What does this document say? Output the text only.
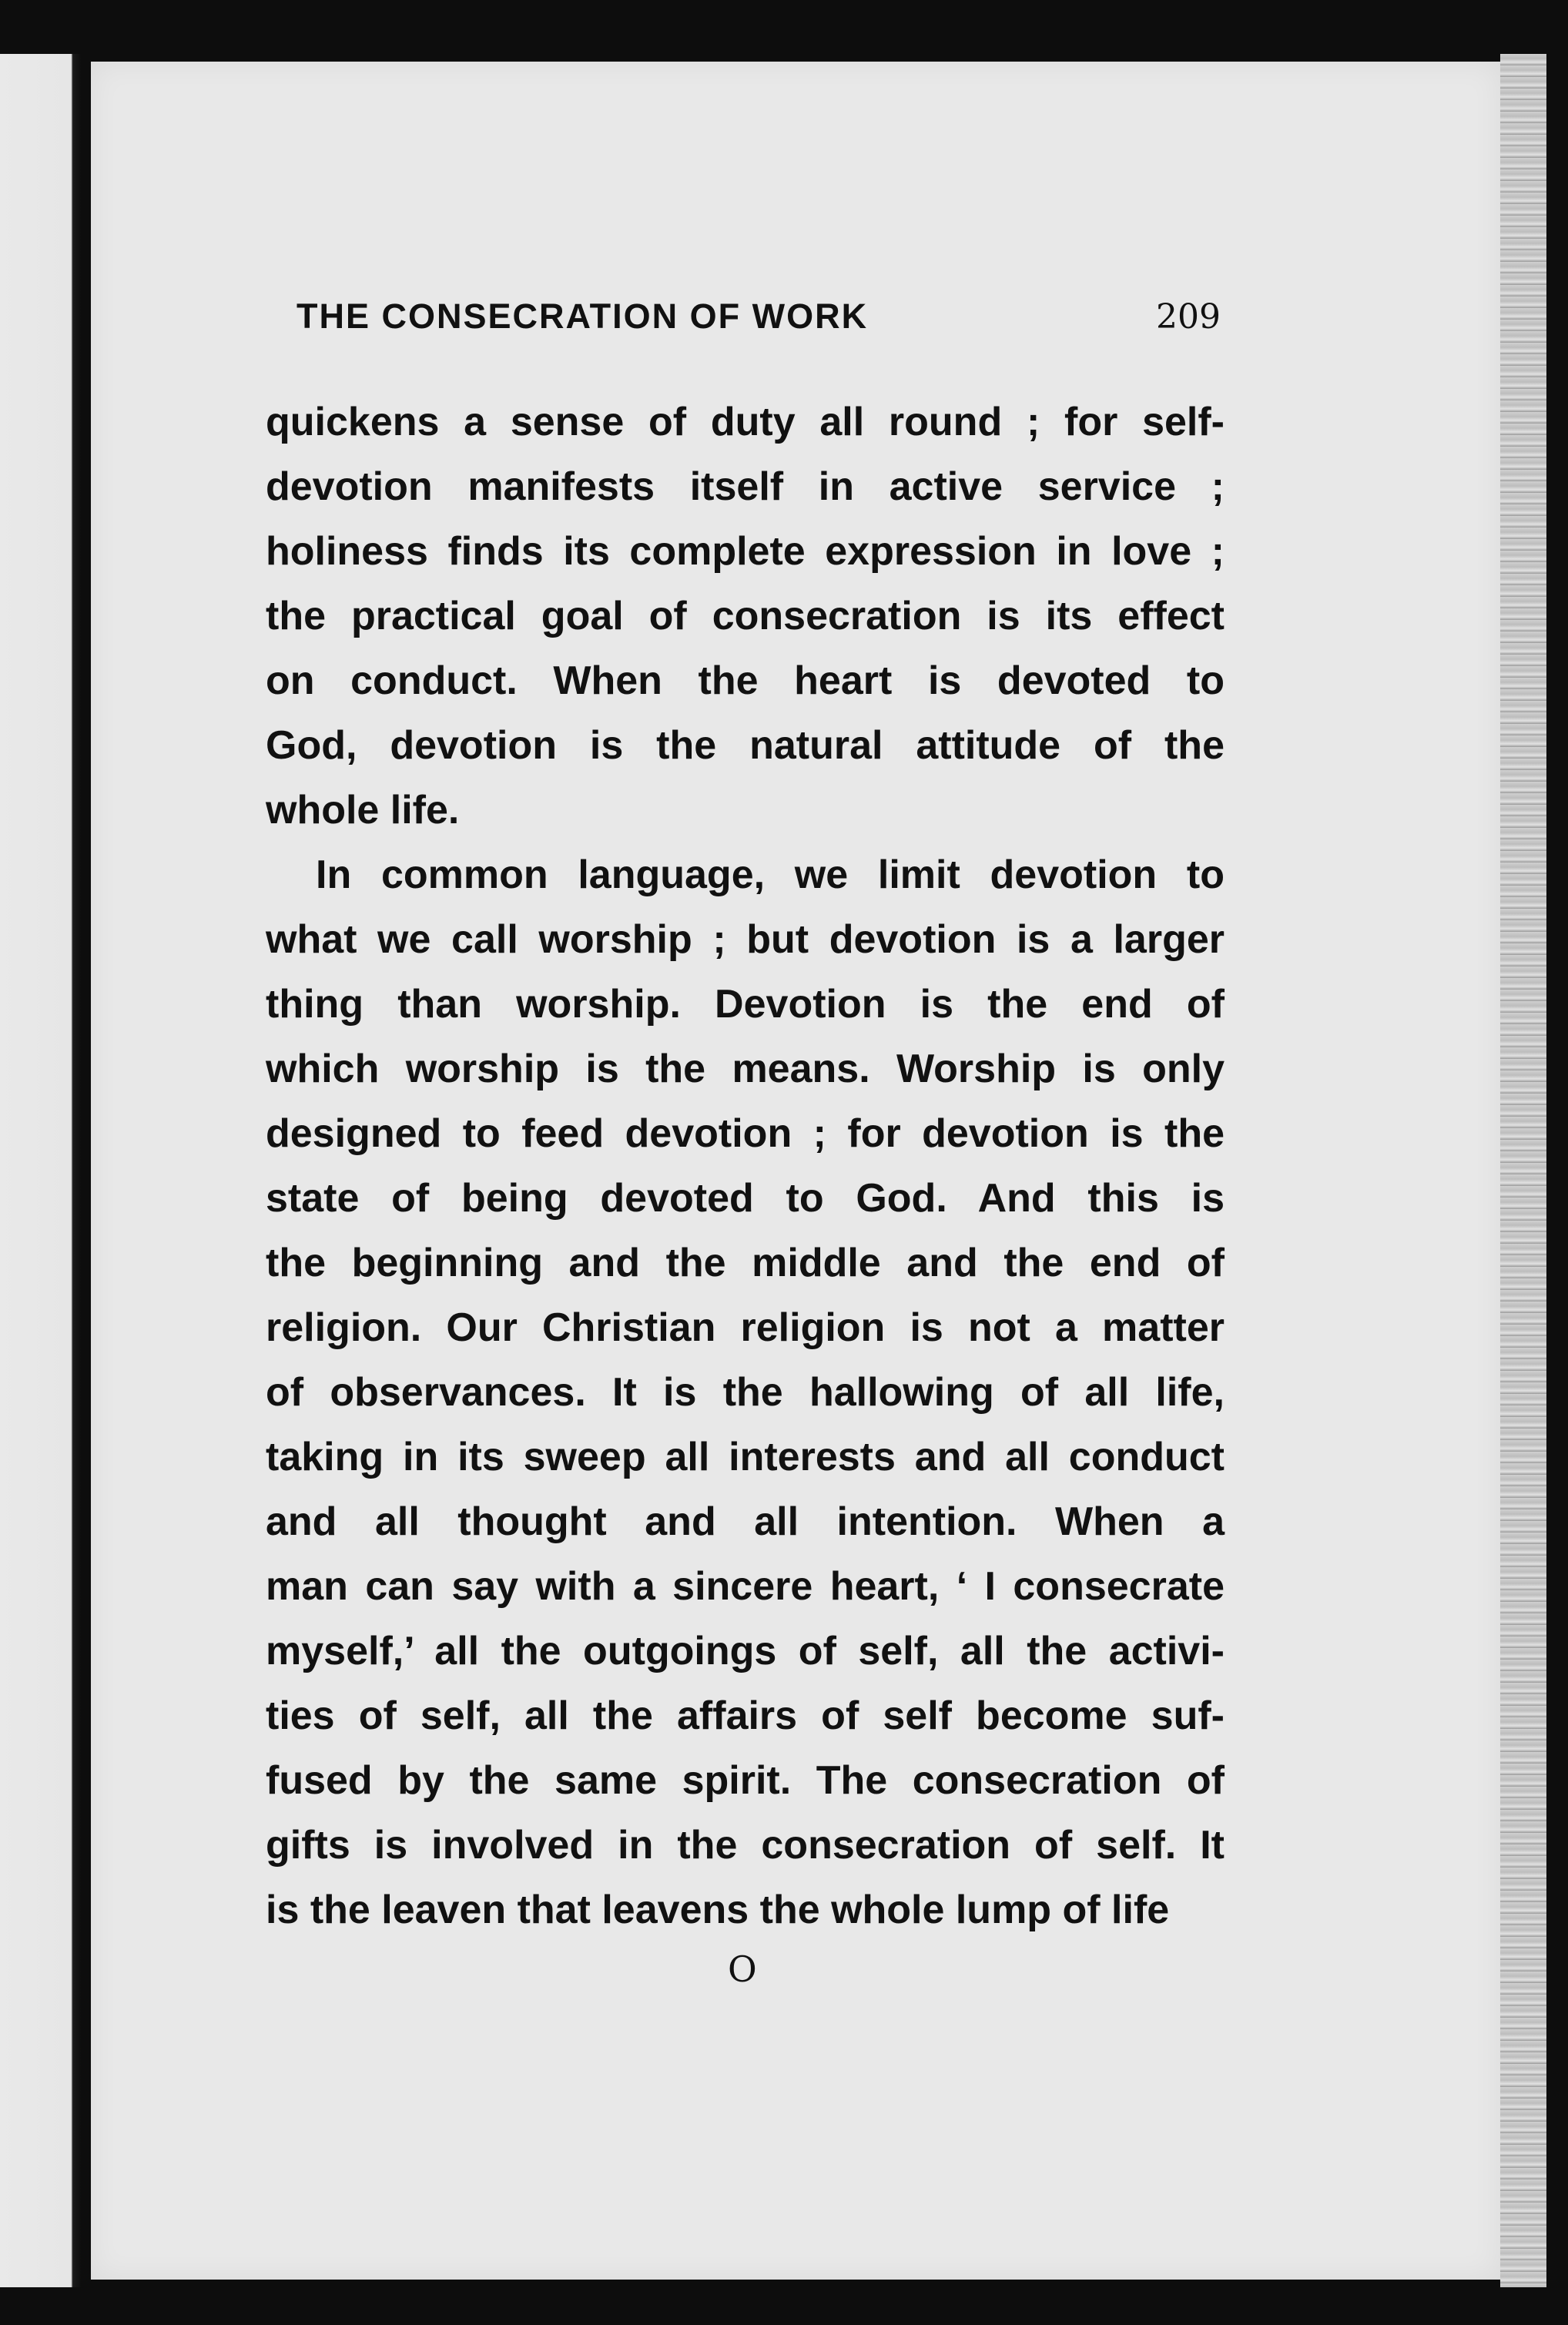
THE CONSECRATION OF WORK	209
quickens a sense of duty all round ; for self-
devotion manifests itself in active service ;
holiness finds its complete expression in love ;
the practical goal of consecration is its effect
on conduct. When the heart is devoted to
God, devotion is the natural attitude of the
whole life.
In common language, we limit devotion to
what we call worship ; but devotion is a larger
thing than worship. Devotion is the end of
which worship is the means. Worship is only
designed to feed devotion ; for devotion is the
state of being devoted to God. And this is
the beginning and the middle and the end of
religion. Our Christian religion is not a matter
of observances. It is the hallowing of all life,
taking in its sweep all interests and all conduct
and all thought and all intention. When a
man can say with a sincere heart, ‘ I consecrate
myself,’ all the outgoings of self, all the activi-
ties of self, all the affairs of self become suf-
fused by the same spirit. The consecration of
gifts is involved in the consecration of self. It
is the leaven that leavens the whole lump of life
O
